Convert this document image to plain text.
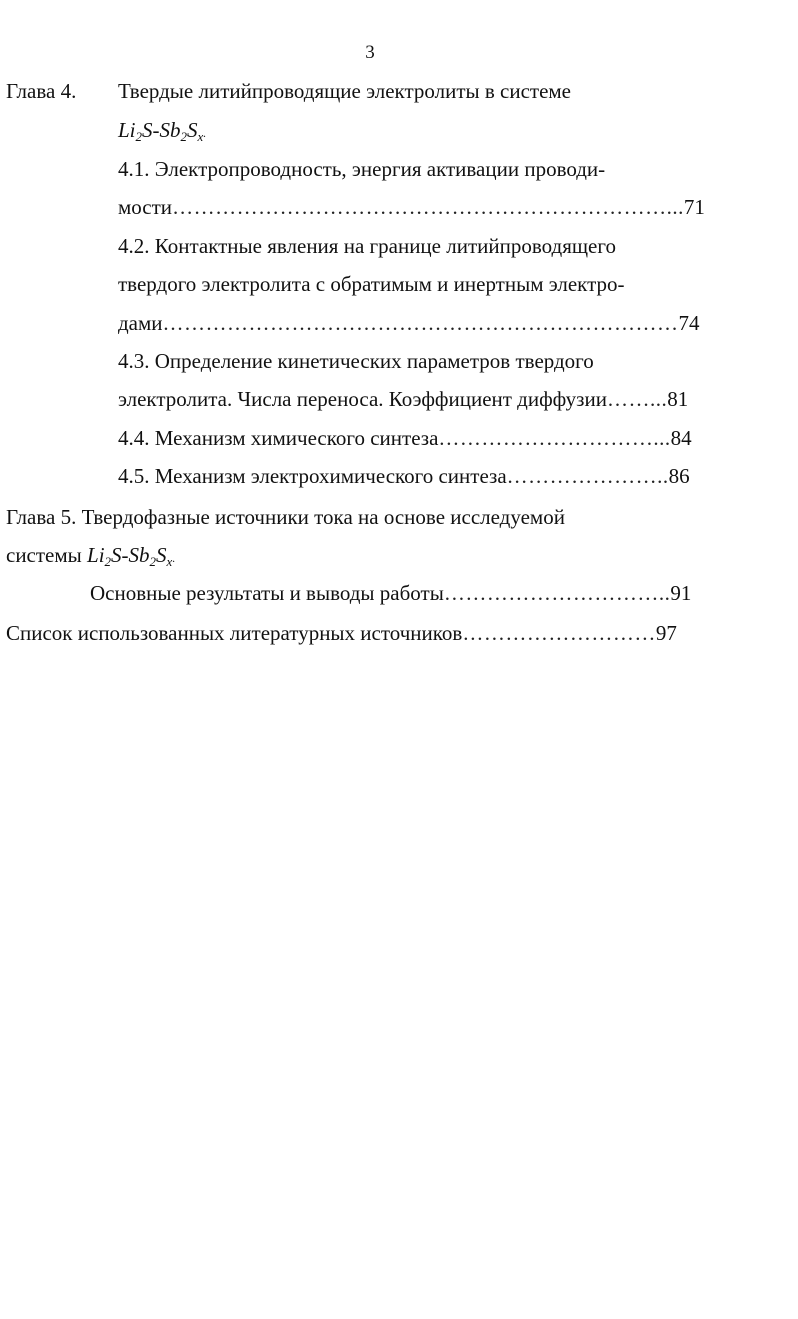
3
Глава 4. Твердые литийпроводящие электролиты в системе
$Li_2S-Sb_2S_x$.
4.1. Электропроводность, энергия активации проводи-
мости……………………………………………………………...71
4.2. Контактные явления на границе литийпроводящего
твердого электролита с обратимым и инертным электро-
дами………………………………………………………………74
4.3. Определение кинетических параметров твердого
электролита. Числа переноса. Коэффициент диффузии……...81
4.4. Механизм химического синтеза…………………………...84
4.5. Механизм электрохимического синтеза…………………..86
Глава 5. Твердофазные источники тока на основе исследуемой
системы $Li_2S-Sb_2S_x$.
Основные результаты и выводы работы…………………………..91
Список использованных литературных источников………………………97
